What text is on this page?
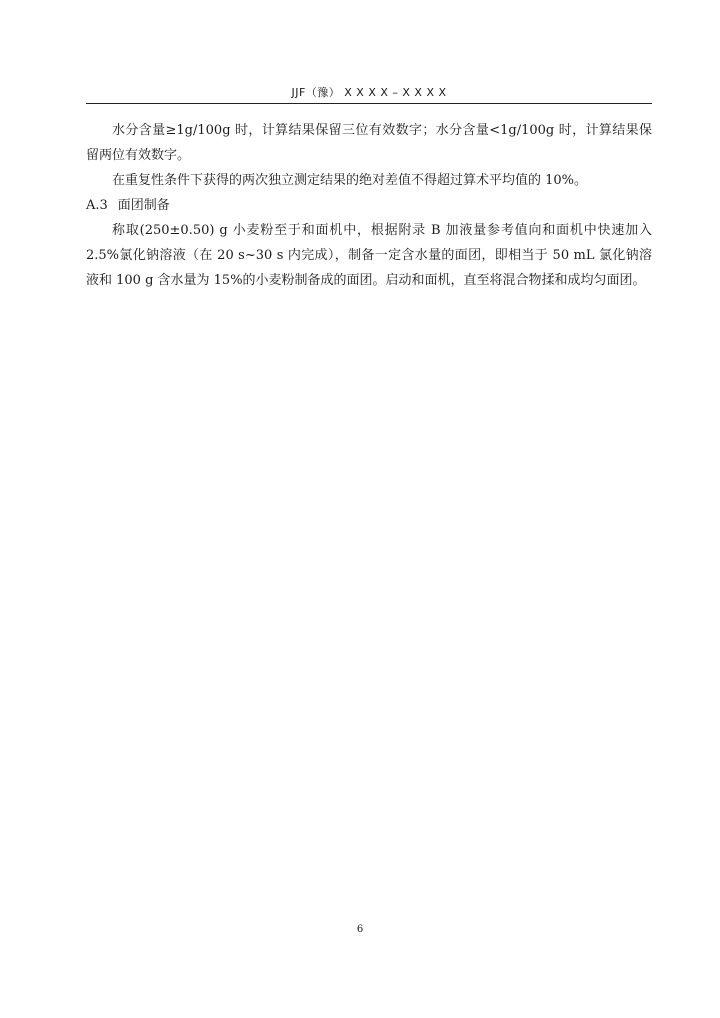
JJF（豫） X X X X – X X X X

水分含量≥1g/100g 时，计算结果保留三位有效数字；水分含量<1g/100g 时，计算结果保留两位有效数字。

在重复性条件下获得的两次独立测定结果的绝对差值不得超过算术平均值的 10%。

A.3 面团制备

称取(250±0.50) g 小麦粉至于和面机中，根据附录 B 加液量参考值向和面机中快速加入 2.5%氯化钠溶液（在 20 s~30 s 内完成），制备一定含水量的面团，即相当于 50 mL 氯化钠溶液和 100 g 含水量为 15%的小麦粉制备成的面团。启动和面机，直至将混合物揉和成均匀面团。

6
